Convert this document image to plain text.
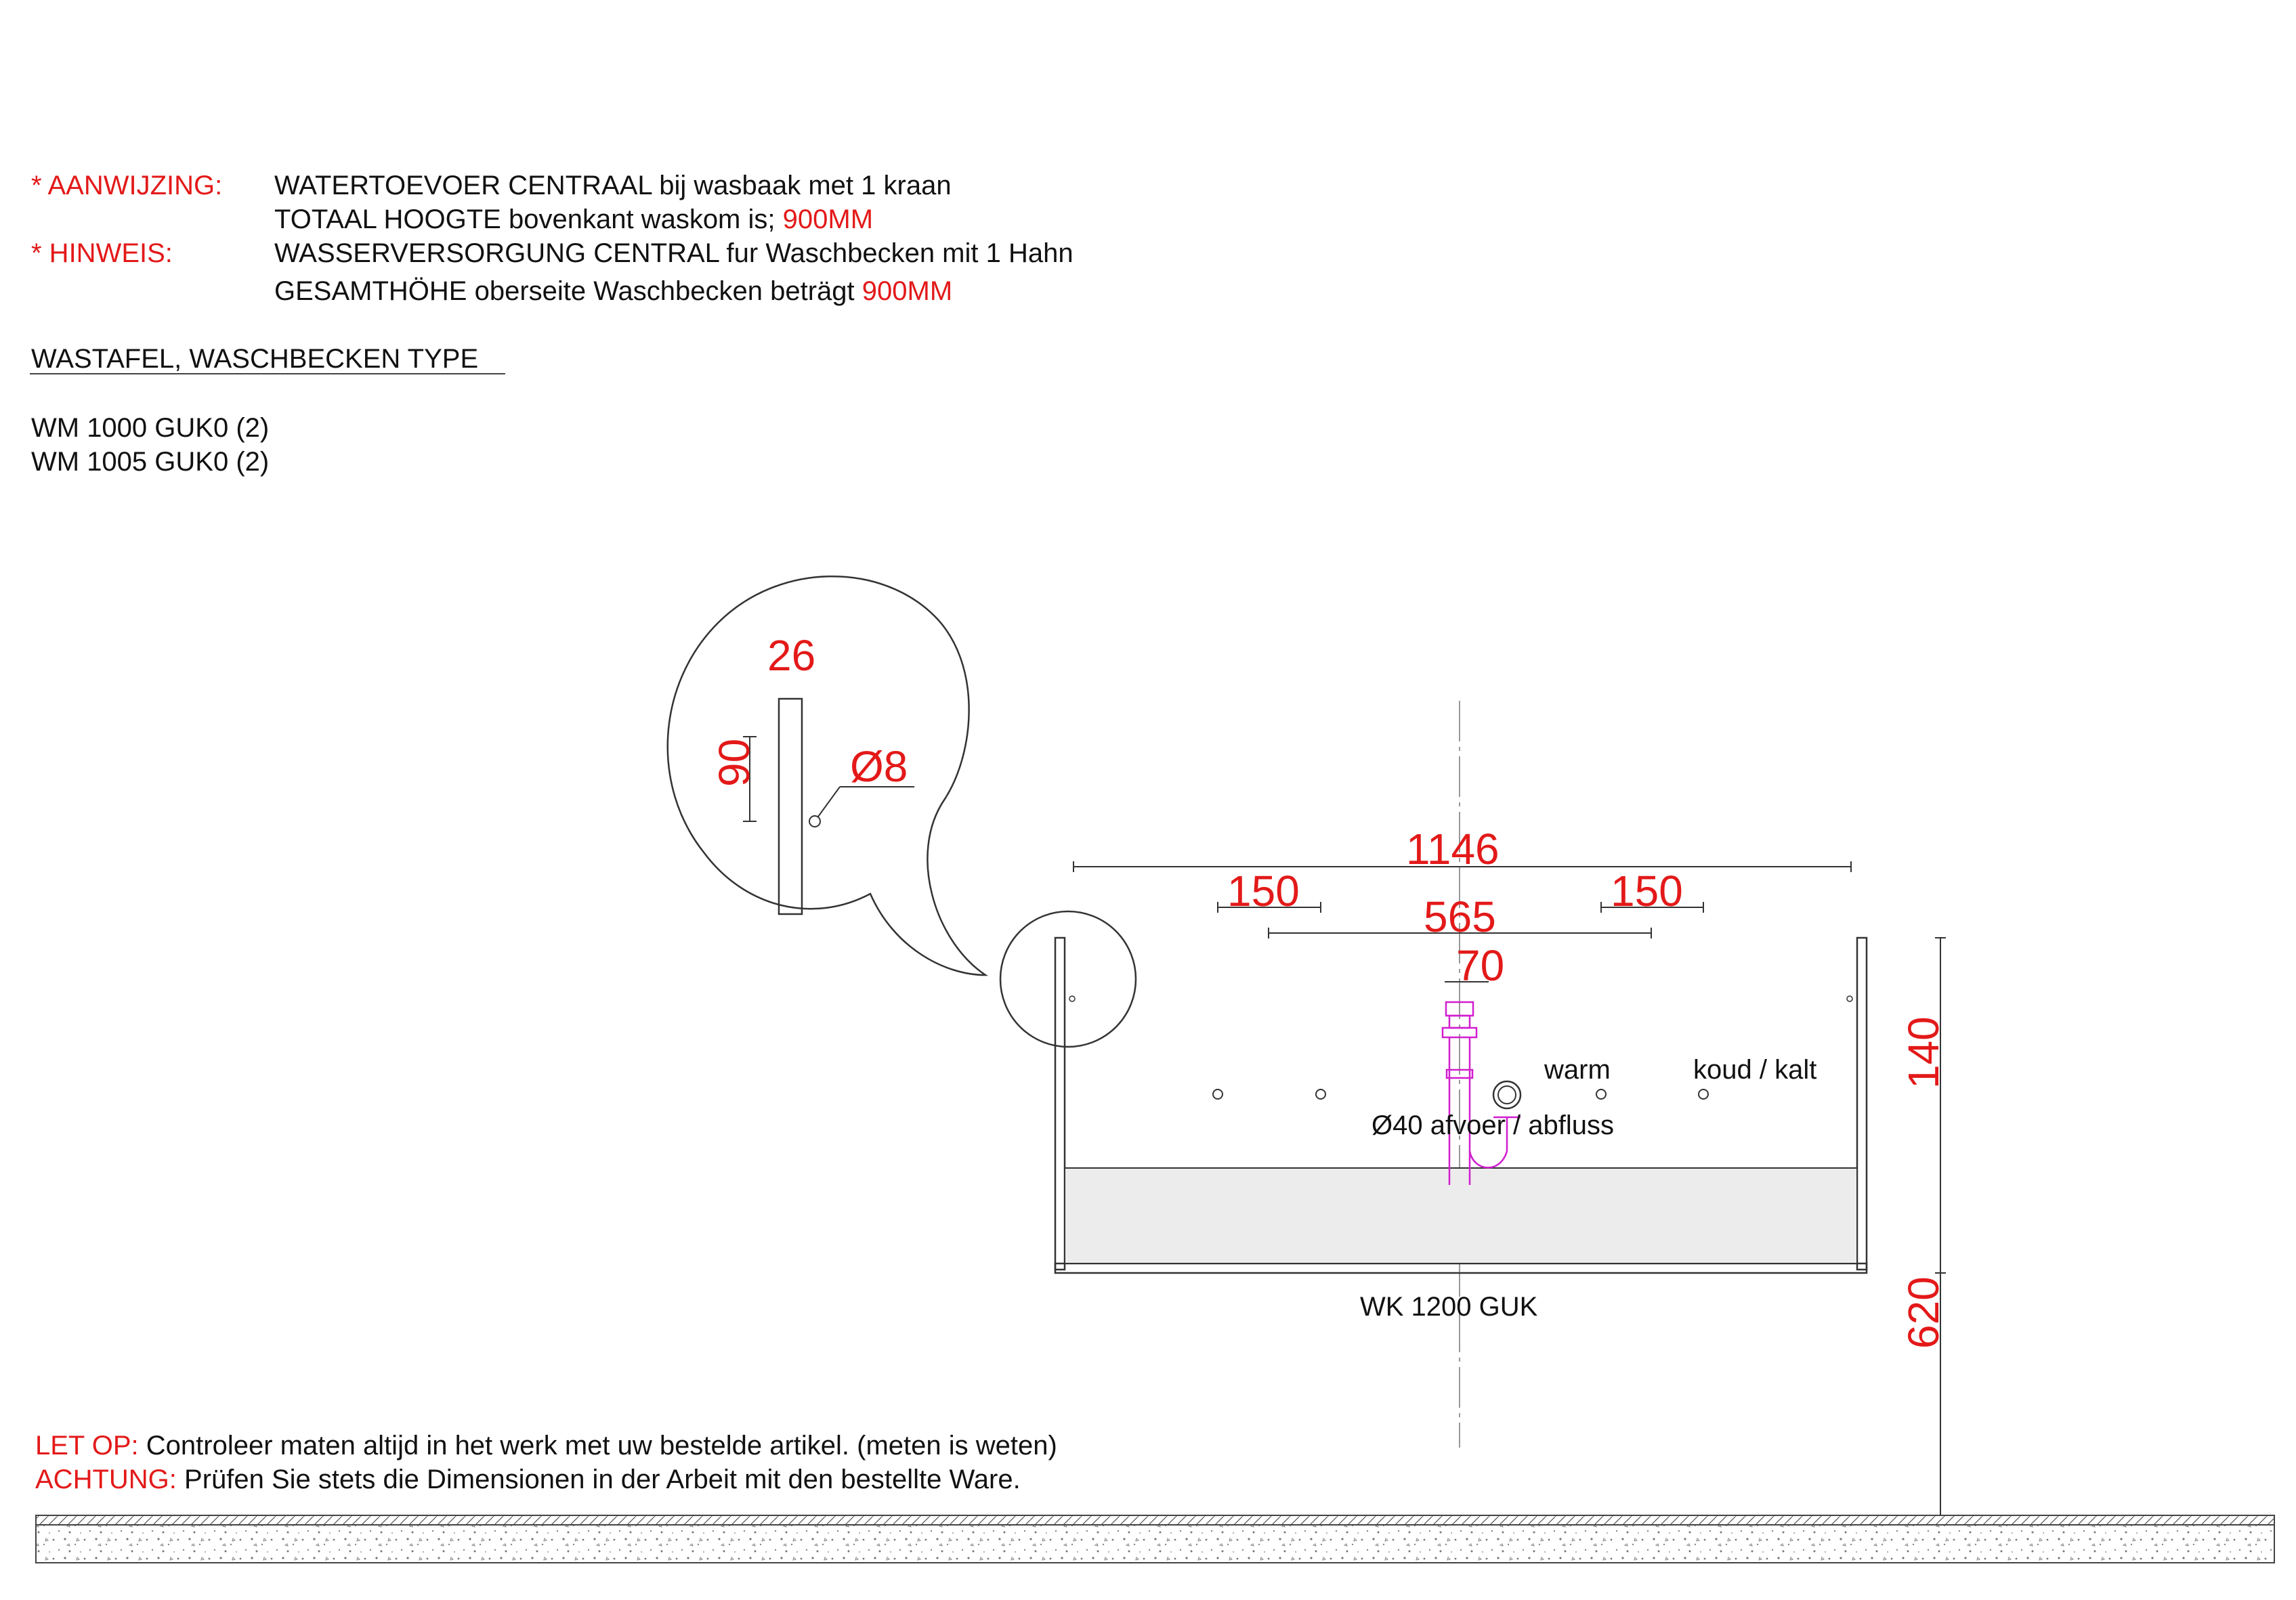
* AANWIJZING: WATERTOEVOER CENTRAAL bij wasbaak met 1 kraan
TOTAAL HOOGTE bovenkant waskom is; 900MM
* HINWEIS:	WASSERVERSORGUNG CENTRAL fur Waschbecken mit 1 Hahn
GESAMTHÖHE oberseite Waschbecken beträgt 900MM
WASTAFEL, WASCHBECKEN TYPE
WM 1000 GUK0 (2)
WM 1005 GUK0 (2)
26
90 Ø8
1146
150	150
565
70
140
620
warm	koud / kalt
Ø40 afvoer / abfluss
WK 1200 GUK
LET OP: Controleer maten altijd in het werk met uw bestelde artikel. (meten is weten)
ACHTUNG: Prüfen Sie stets die Dimensionen in der Arbeit mit den bestellte Ware.
